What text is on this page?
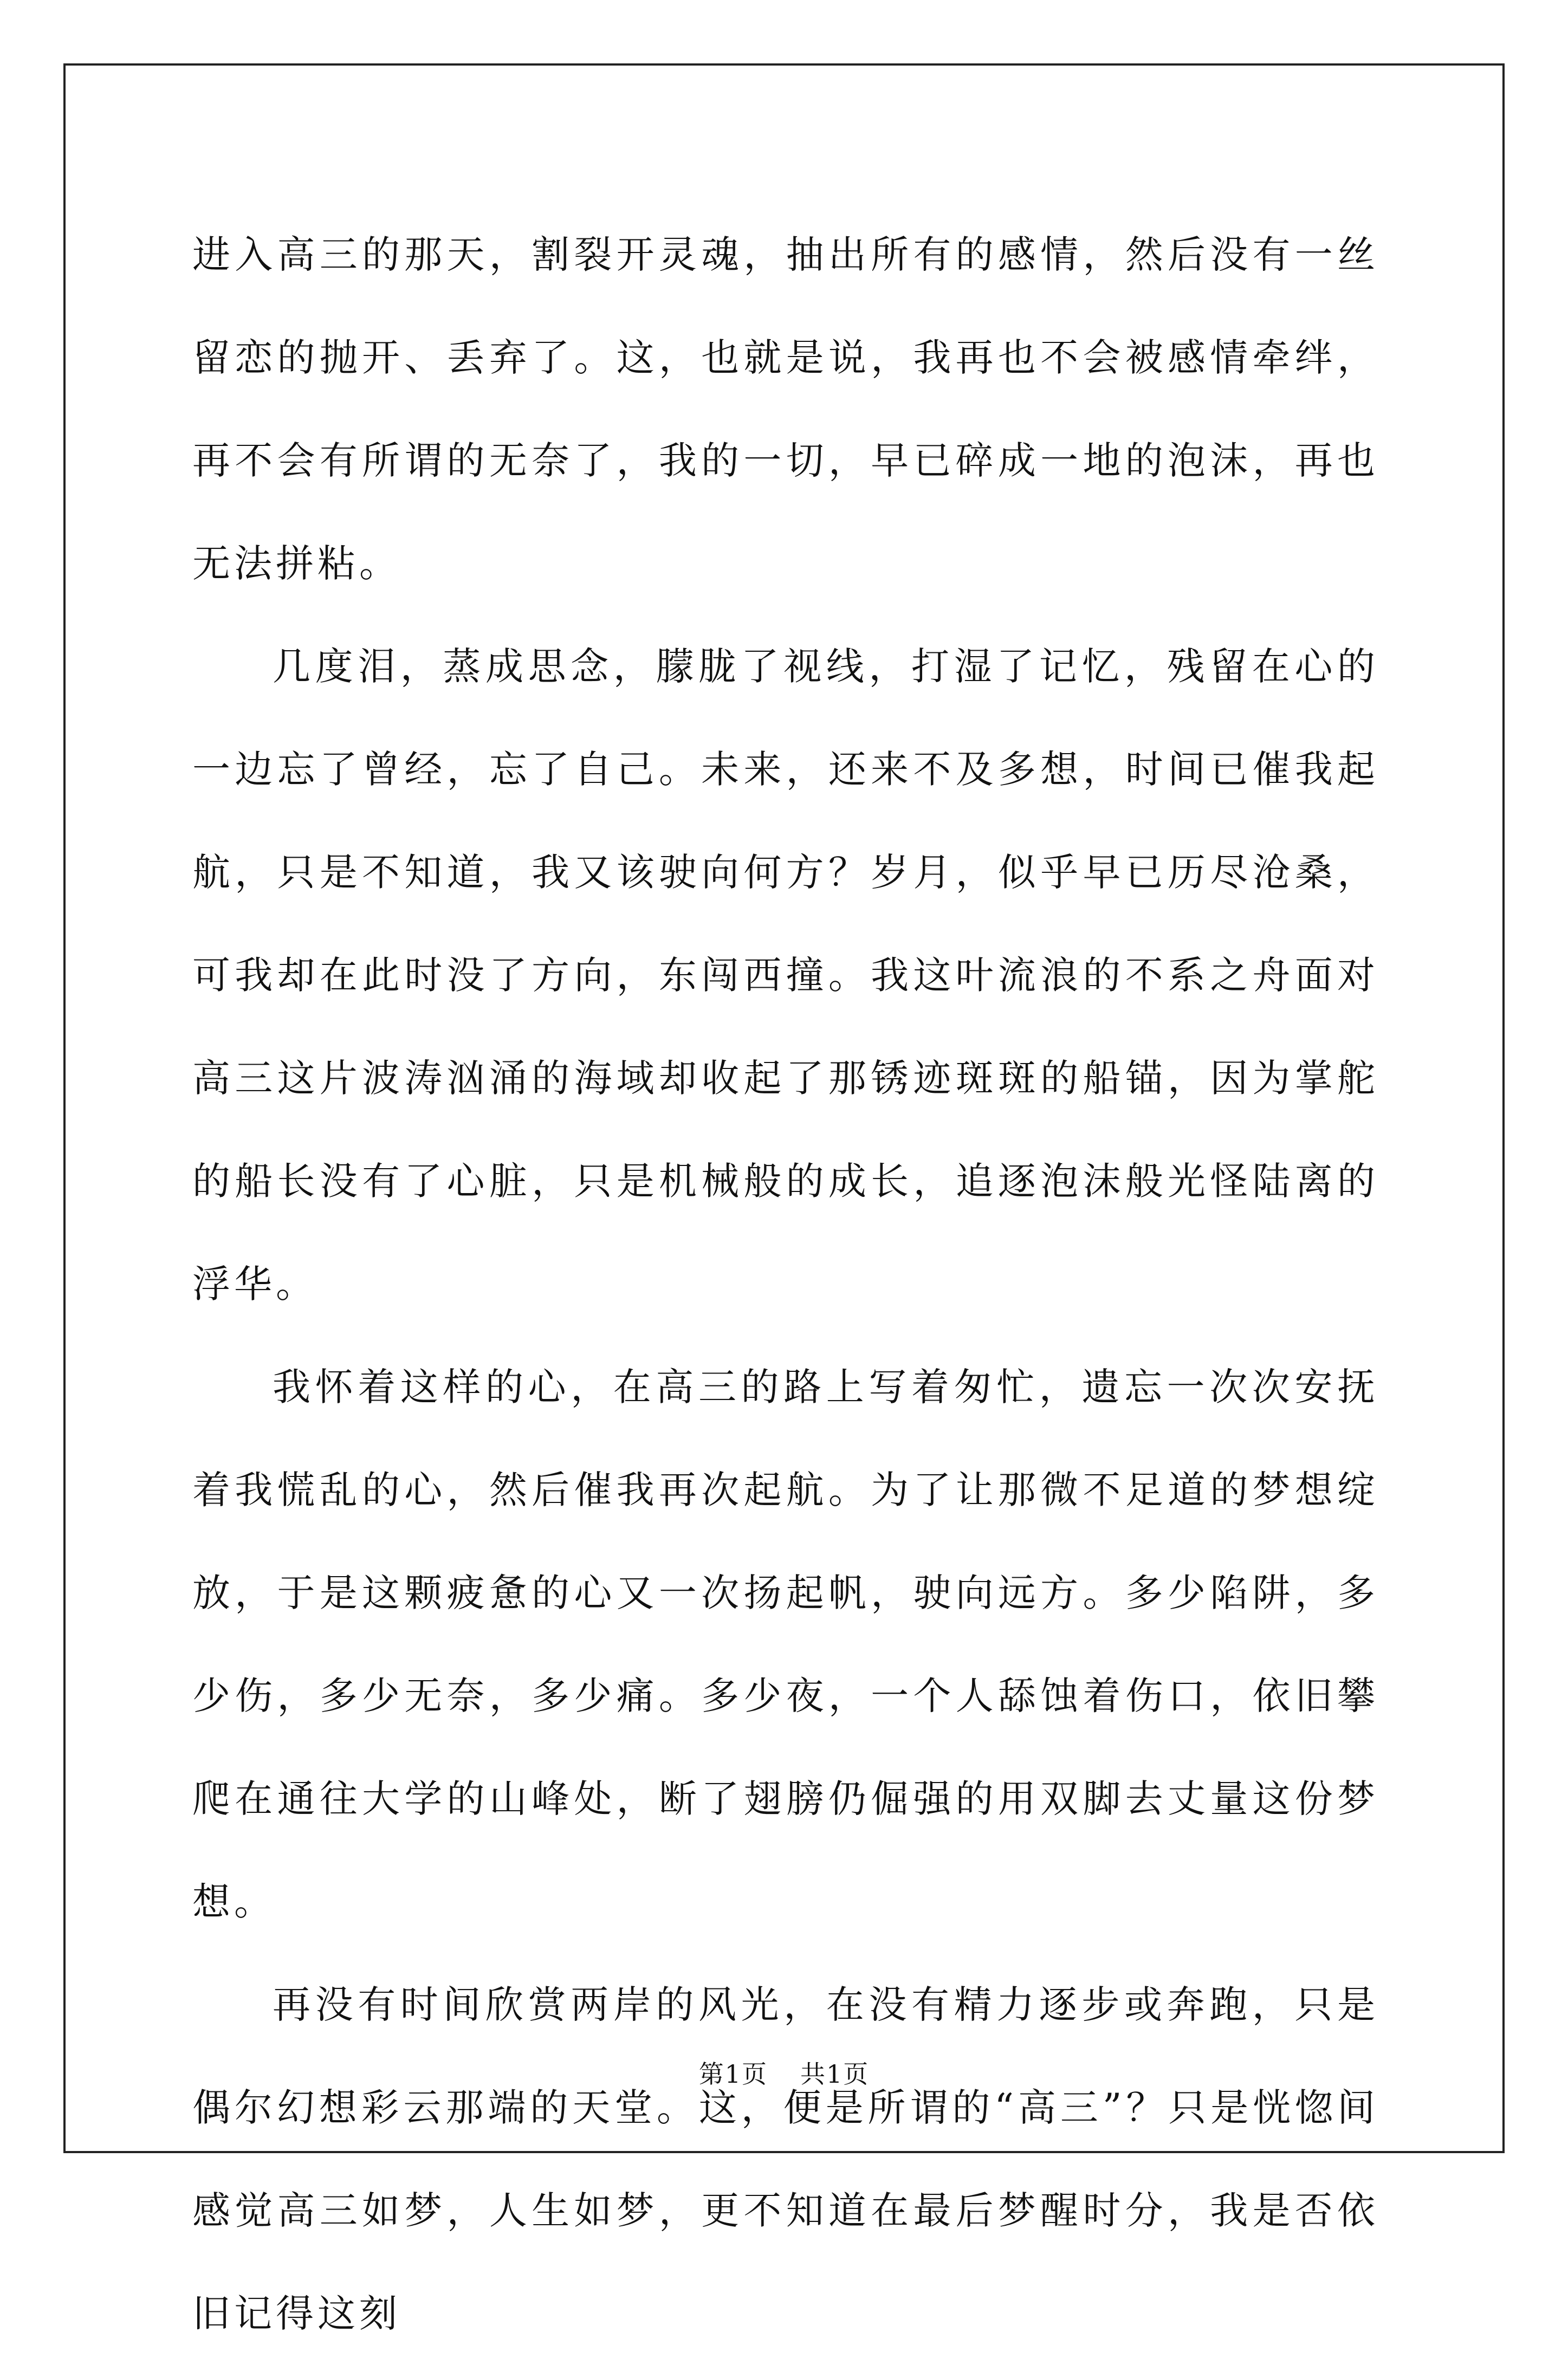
进入高三的那天，割裂开灵魂，抽出所有的感情，然后没有一丝留恋的抛开、丢弃了。这，也就是说，我再也不会被感情牵绊，再不会有所谓的无奈了，我的一切，早已碎成一地的泡沫，再也无法拼粘。

几度泪，蒸成思念，朦胧了视线，打湿了记忆，残留在心的一边忘了曾经，忘了自己。未来，还来不及多想，时间已催我起航，只是不知道，我又该驶向何方？岁月，似乎早已历尽沧桑，可我却在此时没了方向，东闯西撞。我这叶流浪的不系之舟面对高三这片波涛汹涌的海域却收起了那锈迹斑斑的船锚，因为掌舵的船长没有了心脏，只是机械般的成长，追逐泡沫般光怪陆离的浮华。

我怀着这样的心，在高三的路上写着匆忙，遗忘一次次安抚着我慌乱的心，然后催我再次起航。为了让那微不足道的梦想绽放，于是这颗疲惫的心又一次扬起帆，驶向远方。多少陷阱，多少伤，多少无奈，多少痛。多少夜，一个人舔蚀着伤口，依旧攀爬在通往大学的山峰处，断了翅膀仍倔强的用双脚去丈量这份梦想。

再没有时间欣赏两岸的风光，在没有精力逐步或奔跑，只是偶尔幻想彩云那端的天堂。这，便是所谓的“高三”？只是恍惚间感觉高三如梦，人生如梦，更不知道在最后梦醒时分，我是否依旧记得这刻

第1页 共1页
